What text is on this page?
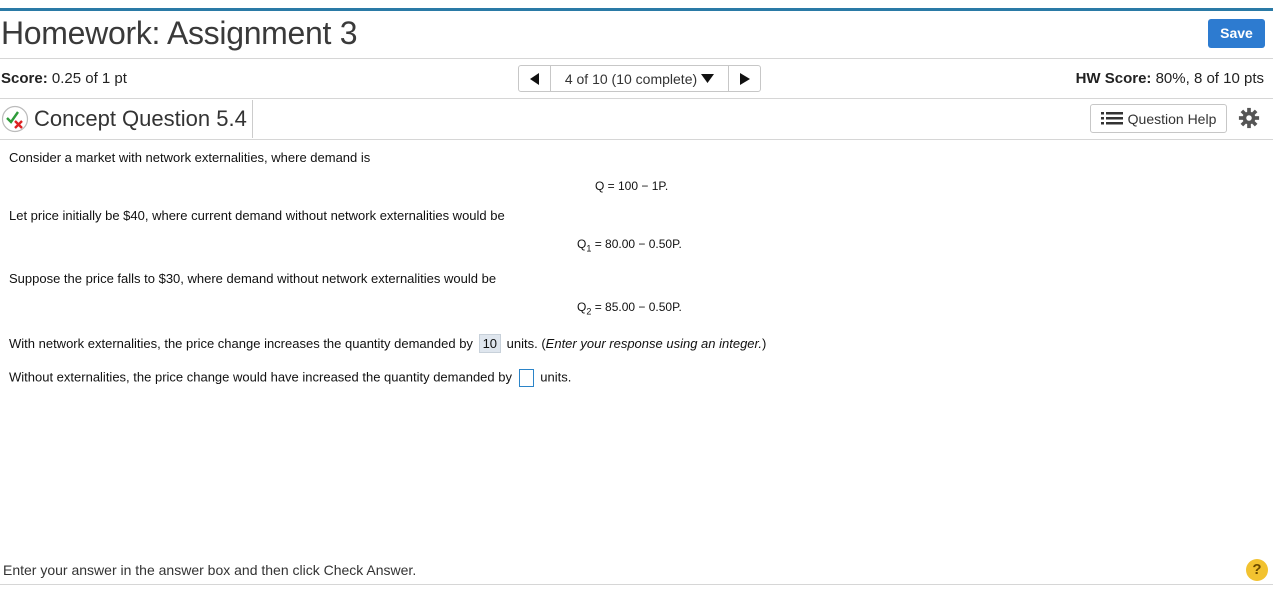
Homework: Assignment 3	Save
Score: 0.25 of 1 pt	4 of 10 (10 complete)	HW Score: 80%, 8 of 10 pts
Concept Question 5.4	Question Help
Consider a market with network externalities, where demand is
Q = 100 − 1P.
Let price initially be $40, where current demand without network externalities would be
$Q_1 = 80.00 - 0.50P$.
Suppose the price falls to $30, where demand without network externalities would be
$Q_2 = 85.00 - 0.50P$.
With network externalities, the price change increases the quantity demanded by 10 units. (Enter your response using an integer.)
Without externalities, the price change would have increased the quantity demanded by units.
Enter your answer in the answer box and then click Check Answer.	?
